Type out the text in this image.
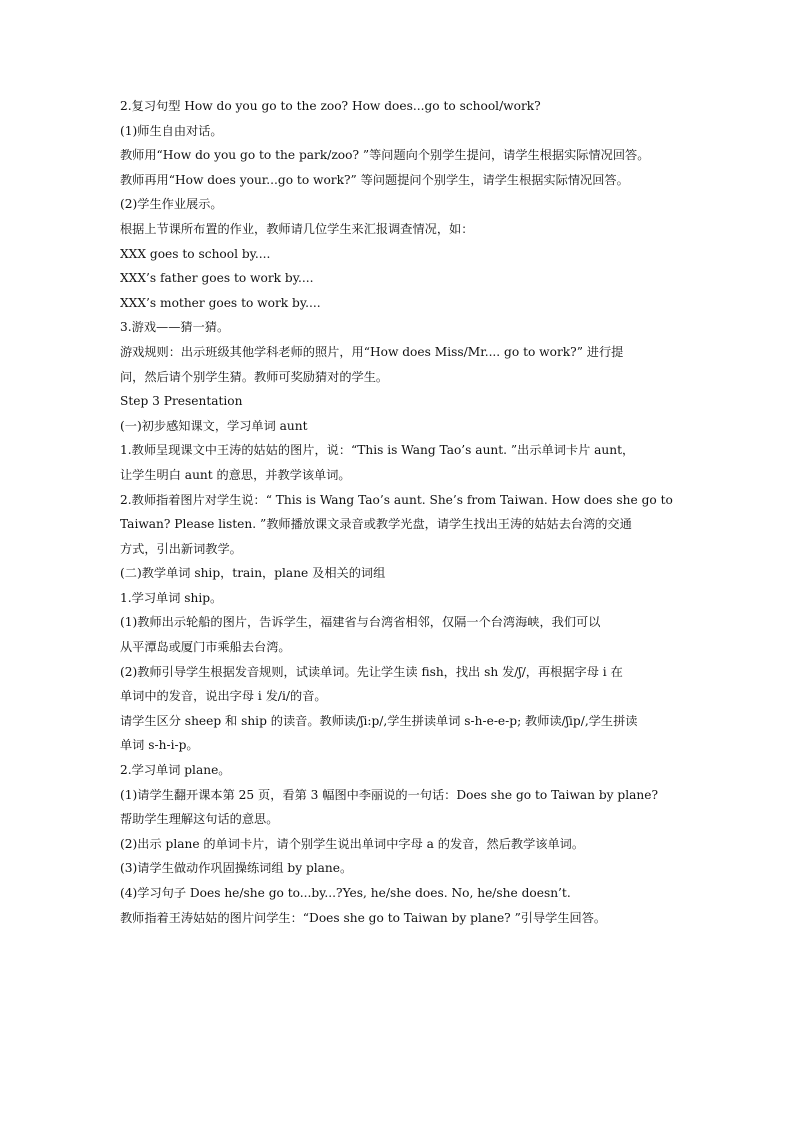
2.复习句型 How do you go to the zoo? How does...go to school/work?
(1)师生自由对话。
教师用“How do you go to the park/zoo? ”等问题向个别学生提问，请学生根据实际情况回答。
教师再用“How does your...go to work?” 等问题提问个别学生，请学生根据实际情况回答。
(2)学生作业展示。
根据上节课所布置的作业，教师请几位学生来汇报调查情况，如：
XXX goes to school by....
XXX’s father goes to work by....
XXX’s mother goes to work by....
3.游戏——猜一猜。
游戏规则：出示班级其他学科老师的照片，用“How does Miss/Mr.... go to work?” 进行提
问，然后请个别学生猜。教师可奖励猜对的学生。
Step 3 Presentation
(一)初步感知课文，学习单词 aunt
1.教师呈现课文中王涛的姑姑的图片，说：“This is Wang Tao’s aunt. ”出示单词卡片 aunt，
让学生明白 aunt 的意思，并教学该单词。
2.教师指着图片对学生说：“ This is Wang Tao’s aunt. She’s from Taiwan. How does she go to
Taiwan? Please listen. ”教师播放课文录音或教学光盘，请学生找出王涛的姑姑去台湾的交通
方式，引出新词教学。
(二)教学单词 ship，train，plane 及相关的词组
1.学习单词 ship。
(1)教师出示轮船的图片，告诉学生，福建省与台湾省相邻，仅隔一个台湾海峡，我们可以
从平潭岛或厦门市乘船去台湾。
(2)教师引导学生根据发音规则，试读单词。先让学生读 fish，找出 sh 发/ʃ/，再根据字母 i 在
单词中的发音，说出字母 i 发/i/的音。
请学生区分 sheep 和 ship 的读音。教师读/ʃi:p/,学生拼读单词 s-h-e-e-p; 教师读/ʃip/,学生拼读
单词 s-h-i-p。
2.学习单词 plane。
(1)请学生翻开课本第 25 页，看第 3 幅图中李丽说的一句话：Does she go to Taiwan by plane?
帮助学生理解这句话的意思。
(2)出示 plane 的单词卡片，请个别学生说出单词中字母 a 的发音，然后教学该单词。
(3)请学生做动作巩固操练词组 by plane。
(4)学习句子 Does he/she go to...by...?Yes, he/she does. No, he/she doesn’t.
教师指着王涛姑姑的图片问学生：“Does she go to Taiwan by plane? ”引导学生回答。
